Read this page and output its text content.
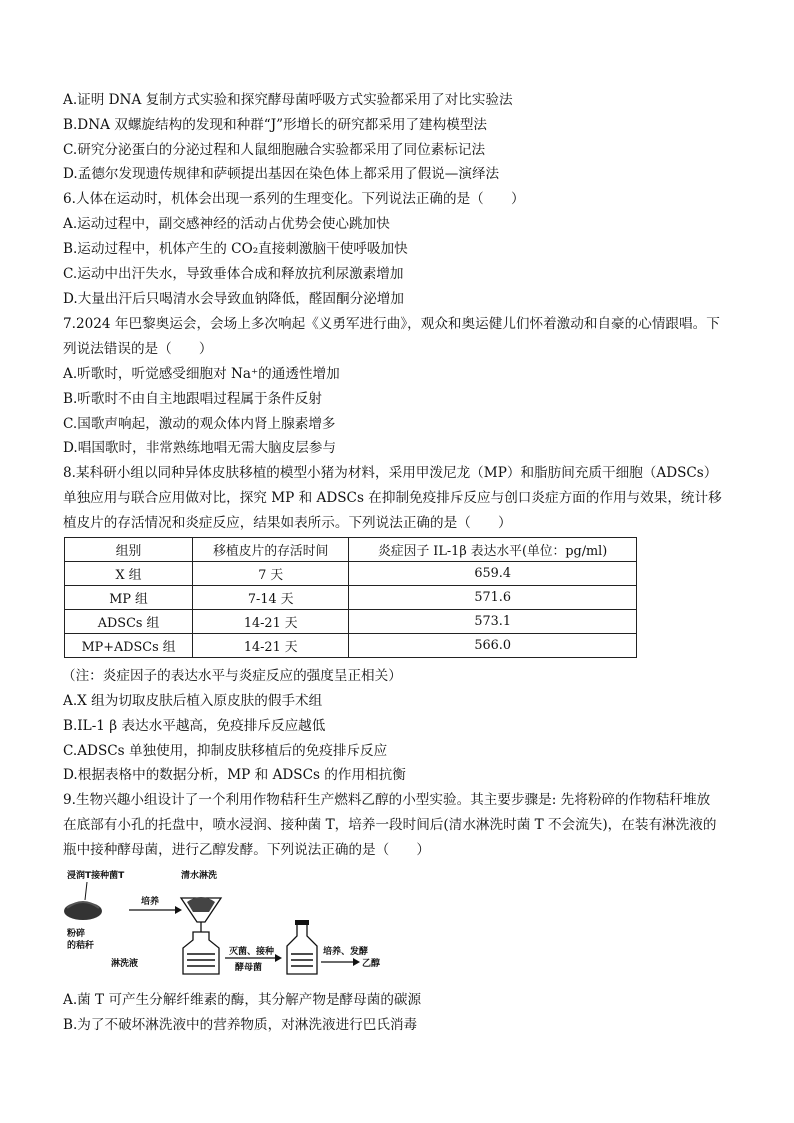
A.证明 DNA 复制方式实验和探究酵母菌呼吸方式实验都采用了对比实验法
B.DNA 双螺旋结构的发现和种群“J”形增长的研究都采用了建构模型法
C.研究分泌蛋白的分泌过程和人鼠细胞融合实验都采用了同位素标记法
D.孟德尔发现遗传规律和萨顿提出基因在染色体上都采用了假说—演绎法
6.人体在运动时，机体会出现一系列的生理变化。下列说法正确的是（　　）
A.运动过程中，副交感神经的活动占优势会使心跳加快
B.运动过程中，机体产生的 CO₂直接刺激脑干使呼吸加快
C.运动中出汗失水，导致垂体合成和释放抗利尿激素增加
D.大量出汗后只喝清水会导致血钠降低，醛固酮分泌增加
7.2024 年巴黎奥运会，会场上多次响起《义勇军进行曲》，观众和奥运健儿们怀着激动和自豪的心情跟唱。下
列说法错误的是（　　）
A.听歌时，听觉感受细胞对 Na⁺的通透性增加
B.听歌时不由自主地跟唱过程属于条件反射
C.国歌声响起，激动的观众体内肾上腺素增多
D.唱国歌时，非常熟练地唱无需大脑皮层参与
8.某科研小组以同种异体皮肤移植的模型小猪为材料，采用甲泼尼龙（MP）和脂肪间充质干细胞（ADSCs）
单独应用与联合应用做对比，探究 MP 和 ADSCs 在抑制免疫排斥反应与创口炎症方面的作用与效果，统计移
植皮片的存活情况和炎症反应，结果如表所示。下列说法正确的是（　　）
组别	移植皮片的存活时间	炎症因子 IL-1β 表达水平(单位：pg/ml)
X 组	7 天	659.4
MP 组	7-14 天	571.6
ADSCs 组	14-21 天	573.1
MP+ADSCs 组	14-21 天	566.0
（注：炎症因子的表达水平与炎症反应的强度呈正相关）
A.X 组为切取皮肤后植入原皮肤的假手术组
B.IL-1 β 表达水平越高，免疫排斥反应越低
C.ADSCs 单独使用，抑制皮肤移植后的免疫排斥反应
D.根据表格中的数据分析，MP 和 ADSCs 的作用相抗衡
9.生物兴趣小组设计了一个利用作物秸秆生产燃料乙醇的小型实验。其主要步骤是: 先将粉碎的作物秸秆堆放
在底部有小孔的托盘中，喷水浸润、接种菌 T，培养一段时间后(清水淋洗时菌 T 不会流失)，在装有淋洗液的
瓶中接种酵母菌，进行乙醇发酵。下列说法正确的是（　　）
浸润T接种菌T
粉碎
的秸秆
培养
清水淋洗
淋洗液
灭菌、接种
酵母菌
培养、发酵
乙醇
A.菌 T 可产生分解纤维素的酶，其分解产物是酵母菌的碳源
B.为了不破坏淋洗液中的营养物质，对淋洗液进行巴氏消毒
